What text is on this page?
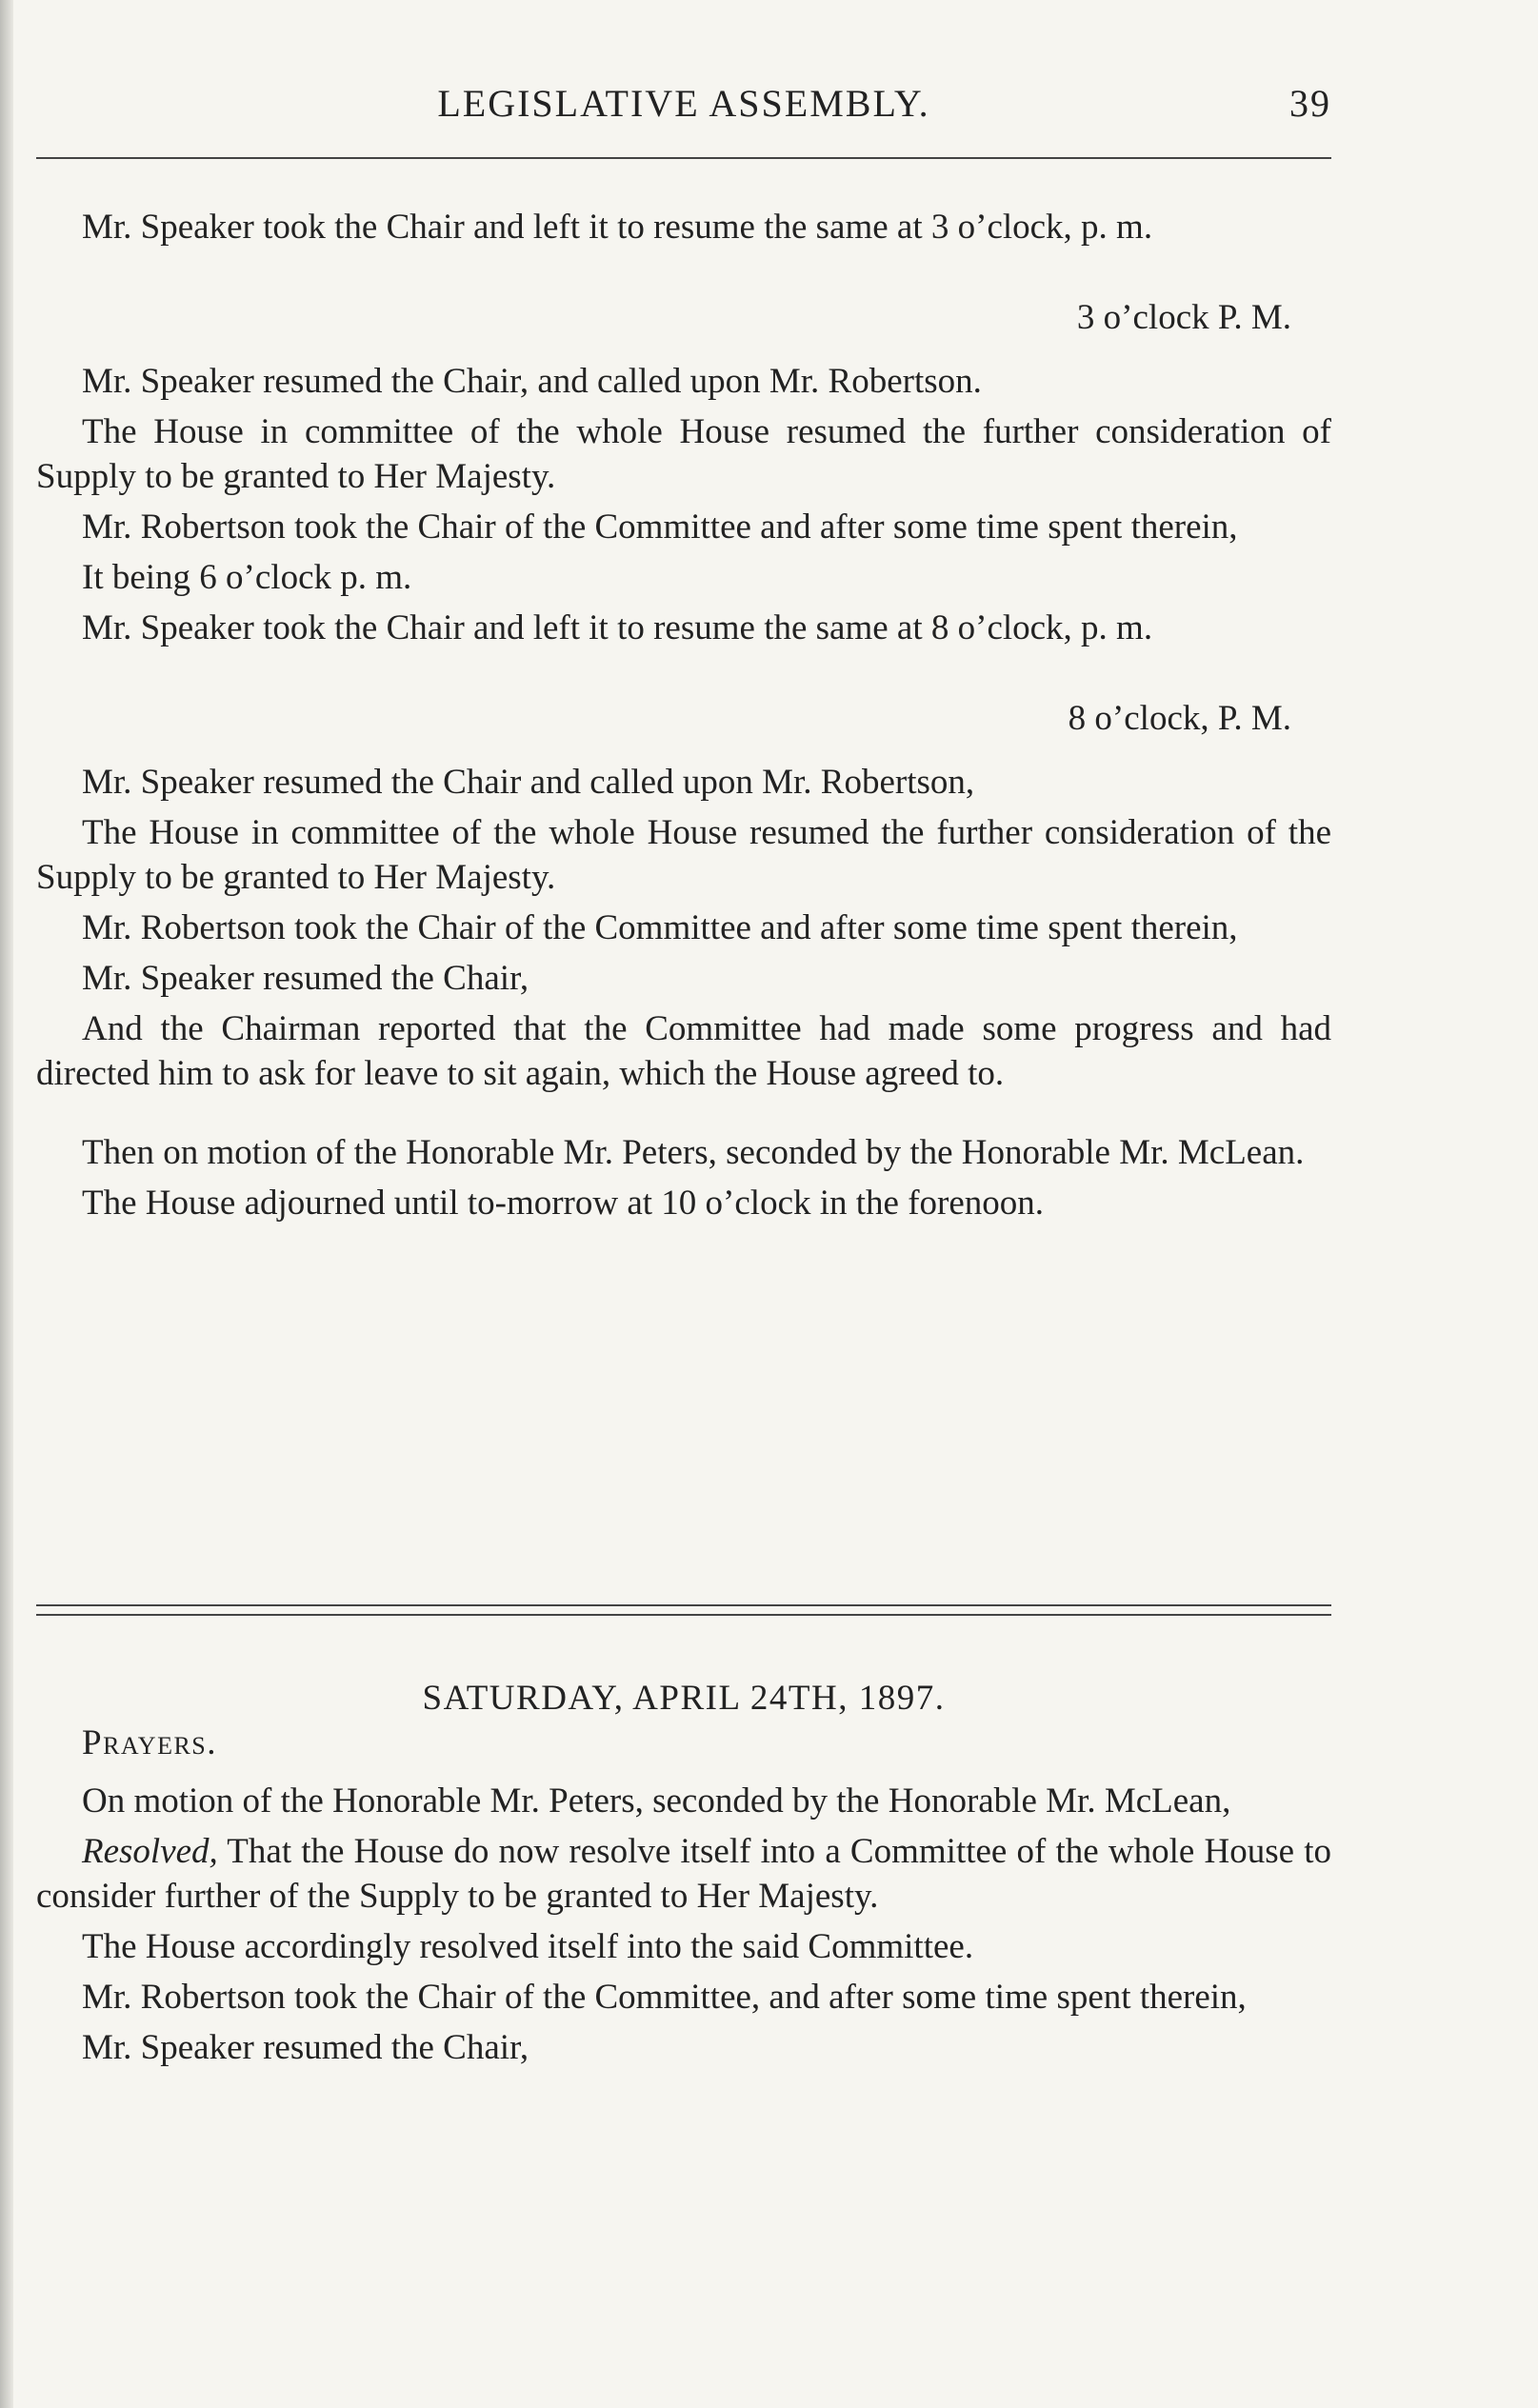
LEGISLATIVE ASSEMBLY.	39

Mr. Speaker took the Chair and left it to resume the same at 3 o’clock, p. m.

3 o’clock P. M.

Mr. Speaker resumed the Chair, and called upon Mr. Robertson.

The House in committee of the whole House resumed the further consideration of Supply to be granted to Her Majesty.

Mr. Robertson took the Chair of the Committee and after some time spent therein,

It being 6 o’clock p. m.

Mr. Speaker took the Chair and left it to resume the same at 8 o’clock, p. m.

8 o’clock, P. M.

Mr. Speaker resumed the Chair and called upon Mr. Robertson,

The House in committee of the whole House resumed the further consideration of the Supply to be granted to Her Majesty.

Mr. Robertson took the Chair of the Committee and after some time spent therein,

Mr. Speaker resumed the Chair,

And the Chairman reported that the Committee had made some progress and had directed him to ask for leave to sit again, which the House agreed to.

Then on motion of the Honorable Mr. Peters, seconded by the Honorable Mr. McLean.

The House adjourned until to-morrow at 10 o’clock in the forenoon.

SATURDAY, APRIL 24TH, 1897.

Prayers.

On motion of the Honorable Mr. Peters, seconded by the Honorable Mr. McLean,

Resolved, That the House do now resolve itself into a Committee of the whole House to consider further of the Supply to be granted to Her Majesty.

The House accordingly resolved itself into the said Committee.

Mr. Robertson took the Chair of the Committee, and after some time spent therein,

Mr. Speaker resumed the Chair,
